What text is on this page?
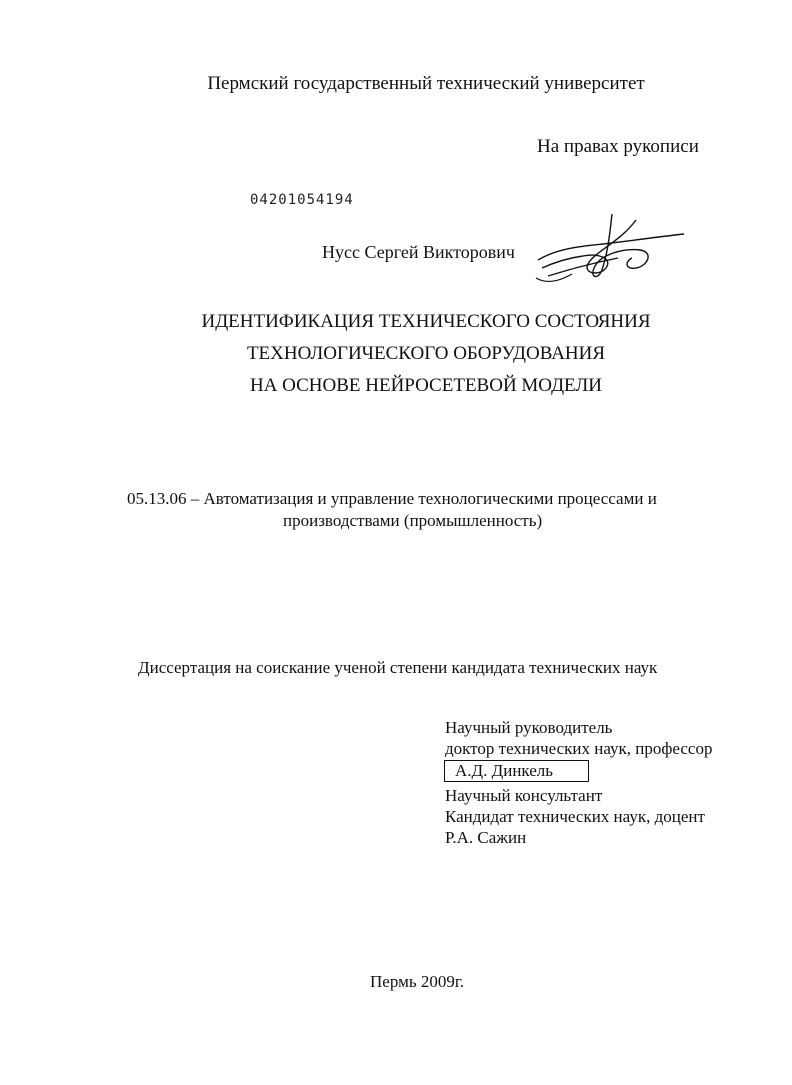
Пермский государственный технический университет
На правах рукописи
04201054194
Нусс Сергей Викторович
ИДЕНТИФИКАЦИЯ ТЕХНИЧЕСКОГО СОСТОЯНИЯ
ТЕХНОЛОГИЧЕСКОГО ОБОРУДОВАНИЯ
НА ОСНОВЕ НЕЙРОСЕТЕВОЙ МОДЕЛИ
05.13.06 – Автоматизация и управление технологическими процессами и
производствами (промышленность)
Диссертация на соискание ученой степени кандидата технических наук
Научный руководитель
доктор технических наук, профессор
А.Д. Динкель
Научный консультант
Кандидат технических наук, доцент
Р.А. Сажин
Пермь 2009г.
